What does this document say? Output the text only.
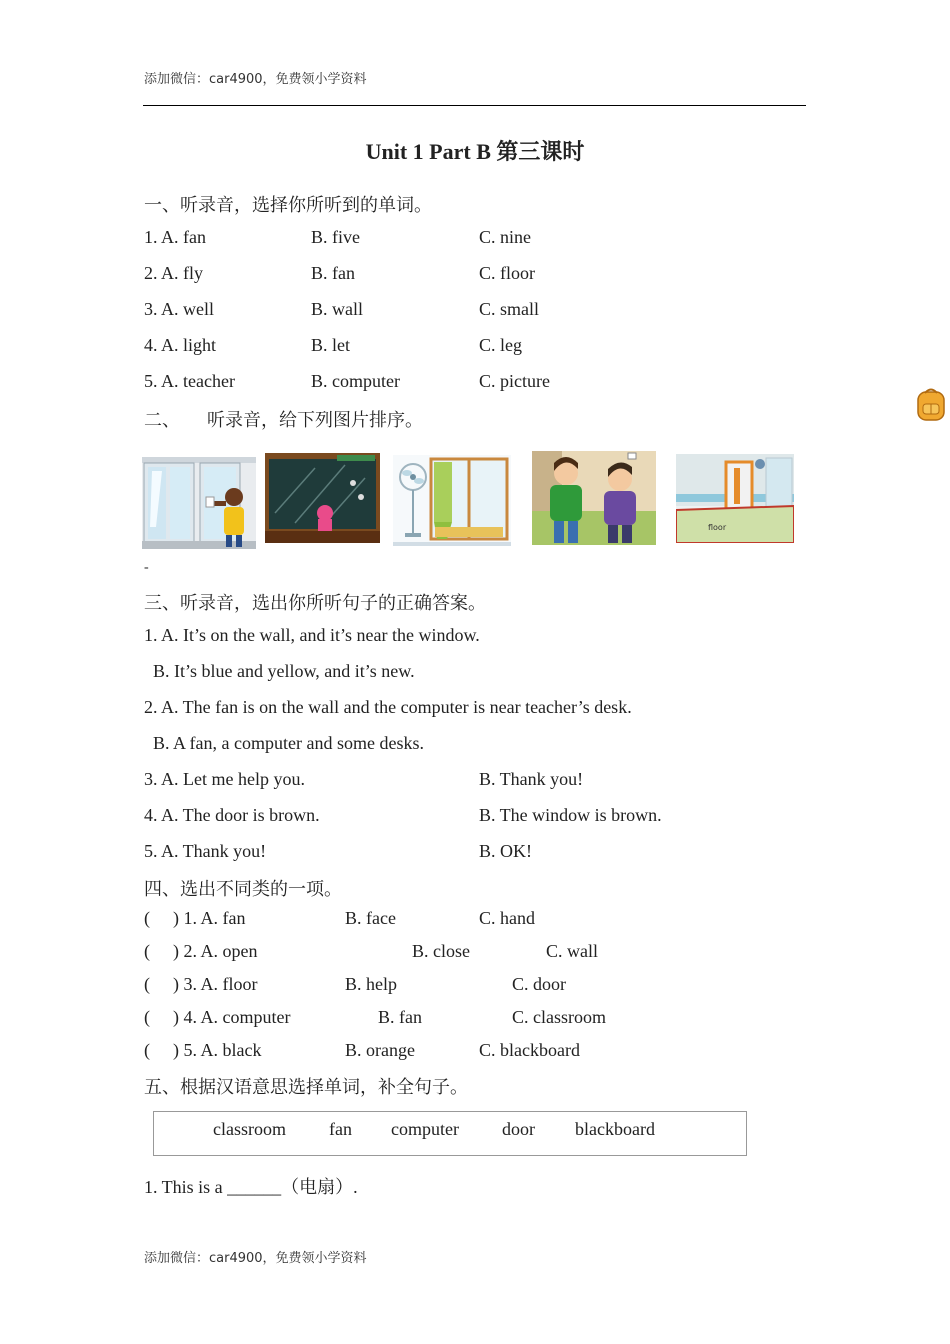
添加微信：car4900，免费领小学资料
Unit 1 Part B 第三课时
一、听录音，选择你所听到的单词。
1. A. fan	B. five	C. nine
2. A. fly	B. fan	C. floor
3. A. well	B. wall	C. small
4. A. light	B. let	C. leg
5. A. teacher	B. computer	C. picture
二、　　听录音，给下列图片排序。
floor
-
三、听录音，选出你所听句子的正确答案。
1. A. It’s on the wall, and it’s near the window.
B. It’s blue and yellow, and it’s new.
2. A. The fan is on the wall and the computer is near teacher’s desk.
B. A fan, a computer and some desks.
3. A. Let me help you.	B. Thank you!
4. A. The door is brown.	B. The window is brown.
5. A. Thank you!	B. OK!
四、选出不同类的一项。
( ) 1. A. fan	B. face	C. hand
( ) 2. A. open	B. close	C. wall
( ) 3. A. floor	B. help	C. door
( ) 4. A. computer	B. fan	C. classroom
( ) 5. A. black	B. orange	C. blackboard
五、根据汉语意思选择单词，补全句子。
classroom fan computer door blackboard
1. This is a ______（电扇）.
添加微信：car4900，免费领小学资料
